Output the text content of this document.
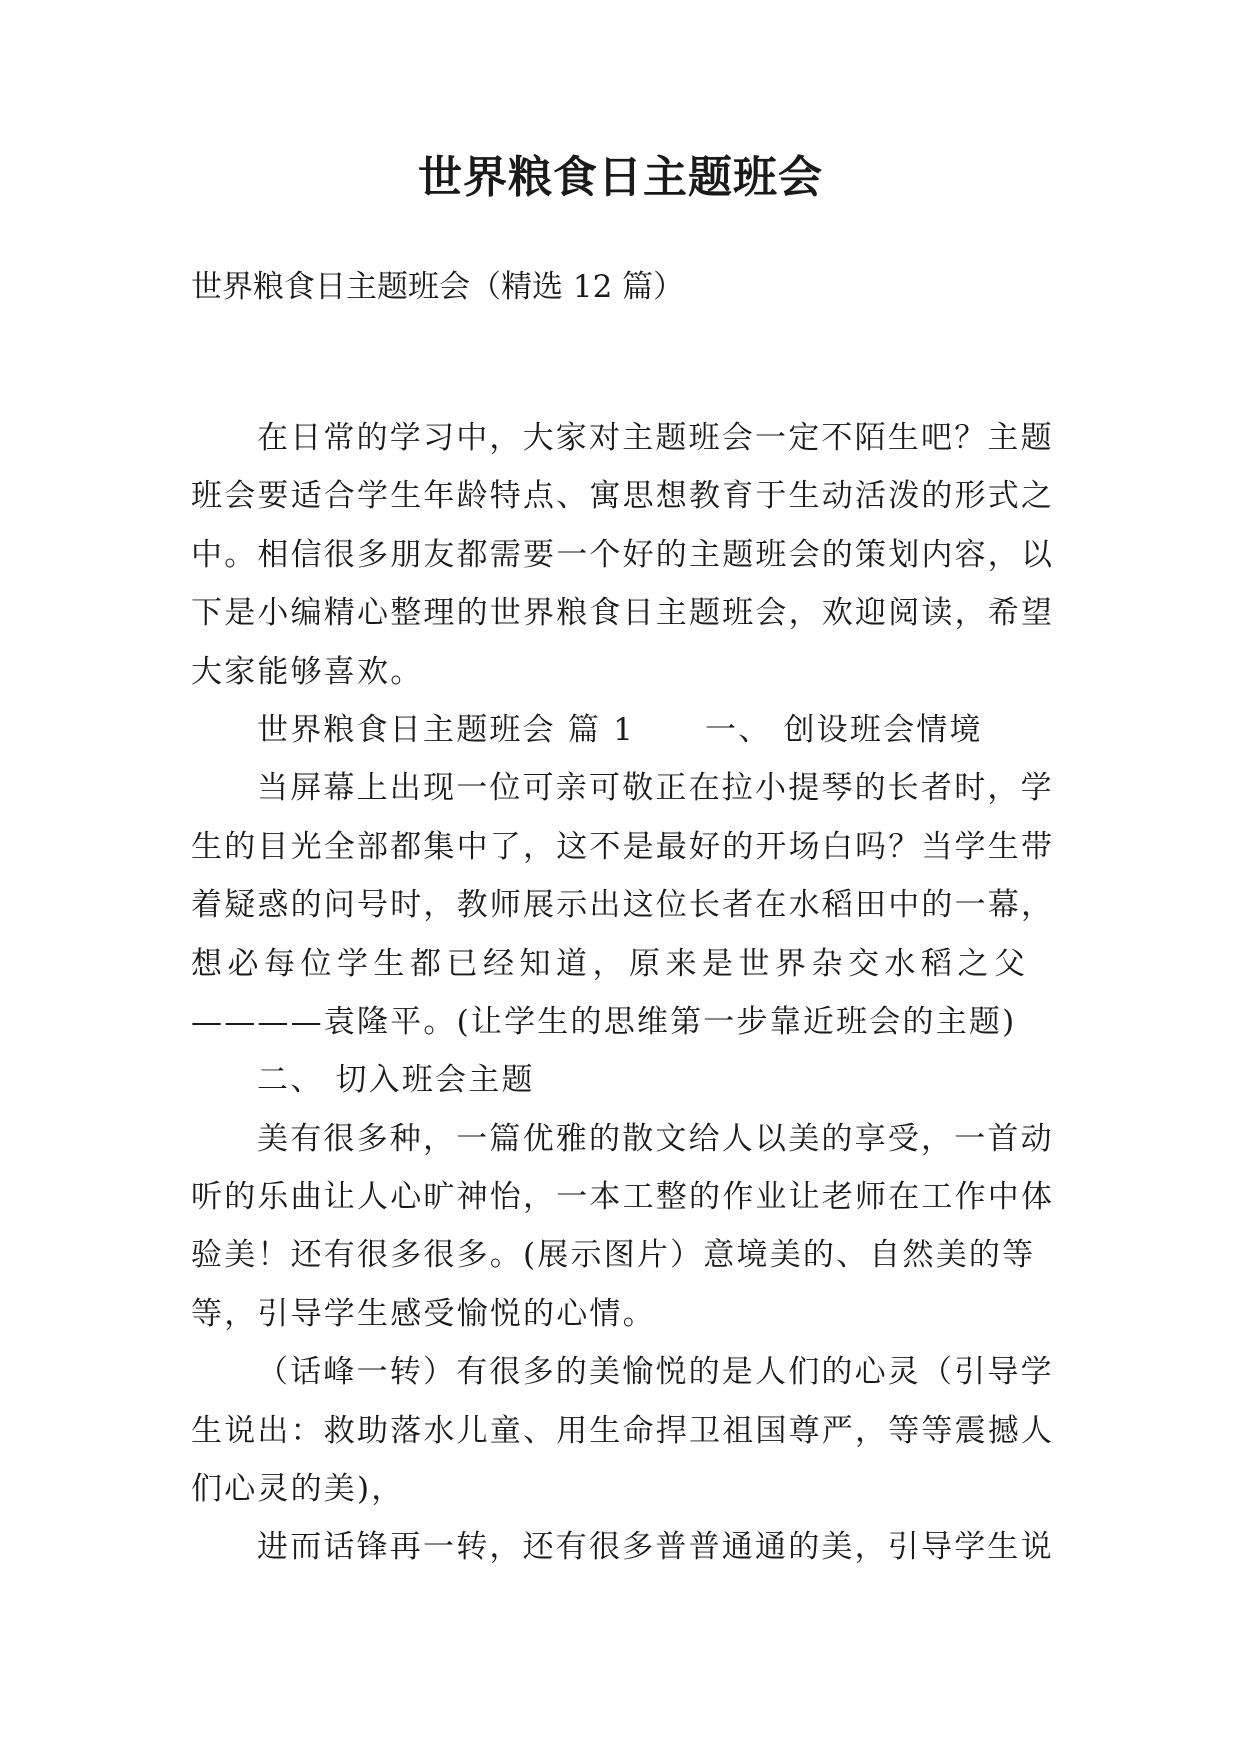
世界粮食日主题班会

世界粮食日主题班会（精选 12 篇）

在日常的学习中，大家对主题班会一定不陌生吧？主题
班会要适合学生年龄特点、寓思想教育于生动活泼的形式之
中。相信很多朋友都需要一个好的主题班会的策划内容，以
下是小编精心整理的世界粮食日主题班会，欢迎阅读，希望
大家能够喜欢。
世界粮食日主题班会 篇 1 一、 创设班会情境
当屏幕上出现一位可亲可敬正在拉小提琴的长者时，学
生的目光全部都集中了，这不是最好的开场白吗？当学生带
着疑惑的问号时，教师展示出这位长者在水稻田中的一幕，
想必每位学生都已经知道，原来是世界杂交水稻之父
————袁隆平。(让学生的思维第一步靠近班会的主题)
二、 切入班会主题
美有很多种，一篇优雅的散文给人以美的享受，一首动
听的乐曲让人心旷神怡，一本工整的作业让老师在工作中体
验美！还有很多很多。(展示图片）意境美的、自然美的等
等，引导学生感受愉悦的心情。
（话峰一转）有很多的美愉悦的是人们的心灵（引导学
生说出：救助落水儿童、用生命捍卫祖国尊严，等等震撼人
们心灵的美)，
进而话锋再一转，还有很多普普通通的美，引导学生说
